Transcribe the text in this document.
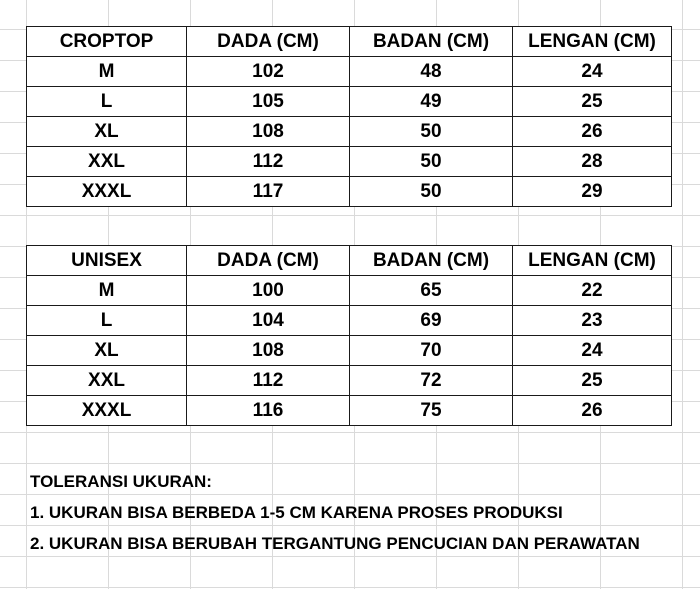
CROPTOP	DADA (CM)	BADAN (CM)	LENGAN (CM)
M	102	48	24
L	105	49	25
XL	108	50	26
XXL	112	50	28
XXXL	117	50	29
UNISEX	DADA (CM)	BADAN (CM)	LENGAN (CM)
M	100	65	22
L	104	69	23
XL	108	70	24
XXL	112	72	25
XXXL	116	75	26
TOLERANSI UKURAN:
1. UKURAN BISA BERBEDA 1-5 CM KARENA PROSES PRODUKSI
2. UKURAN BISA BERUBAH TERGANTUNG PENCUCIAN DAN PERAWATAN
